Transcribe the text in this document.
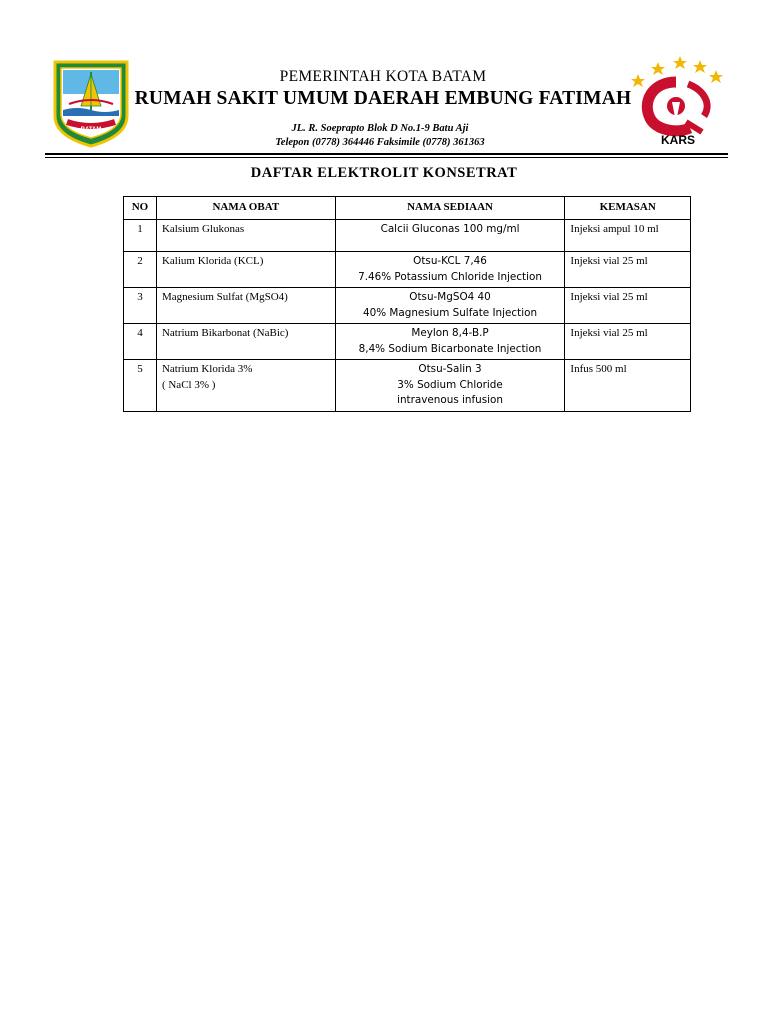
BATAM
PEMERINTAH KOTA BATAM
RUMAH SAKIT UMUM DAERAH EMBUNG FATIMAH
JL. R. Soeprapto Blok D No.1-9 Batu Aji
Telepon (0778) 364446 Faksimile (0778) 361363	KARS
DAFTAR ELEKTROLIT KONSETRAT
NO	NAMA OBAT	NAMA SEDIAAN	KEMASAN
1	Kalsium Glukonas	Calcii Gluconas 100 mg/ml	Injeksi ampul 10 ml
2	Kalium Klorida (KCL)	Otsu-KCL 7,46
7.46% Potassium Chloride Injection	Injeksi vial 25 ml
3	Magnesium Sulfat (MgSO4)	Otsu-MgSO4 40
40% Magnesium Sulfate Injection	Injeksi vial 25 ml
4	Natrium Bikarbonat (NaBic)	Meylon 8,4-B.P
8,4% Sodium Bicarbonate Injection	Injeksi vial 25 ml
5	Natrium Klorida 3%
( NaCl 3% )	Otsu-Salin 3
3% Sodium Chloride
intravenous infusion	Infus 500 ml
